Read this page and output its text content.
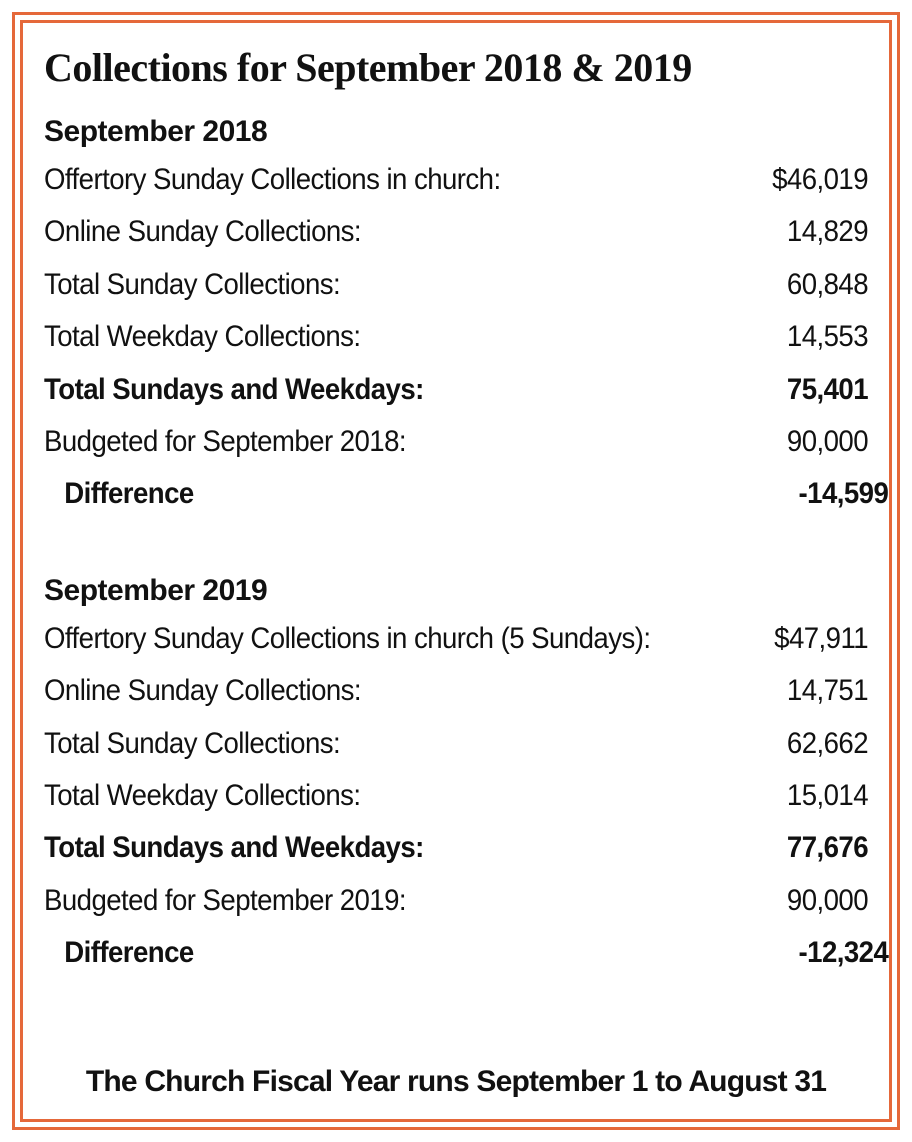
Collections for September 2018 & 2019
September 2018
Offertory Sunday Collections in church:	$46,019
Online Sunday Collections:	14,829
Total Sunday Collections:	60,848
Total Weekday Collections:	14,553
Total Sundays and Weekdays:	75,401
Budgeted for September 2018:	90,000
Difference	-14,599
September 2019
Offertory Sunday Collections in church (5 Sundays):	$47,911
Online Sunday Collections:	14,751
Total Sunday Collections:	62,662
Total Weekday Collections:	15,014
Total Sundays and Weekdays:	77,676
Budgeted for September 2019:	90,000
Difference	-12,324
The Church Fiscal Year runs September 1 to August 31
